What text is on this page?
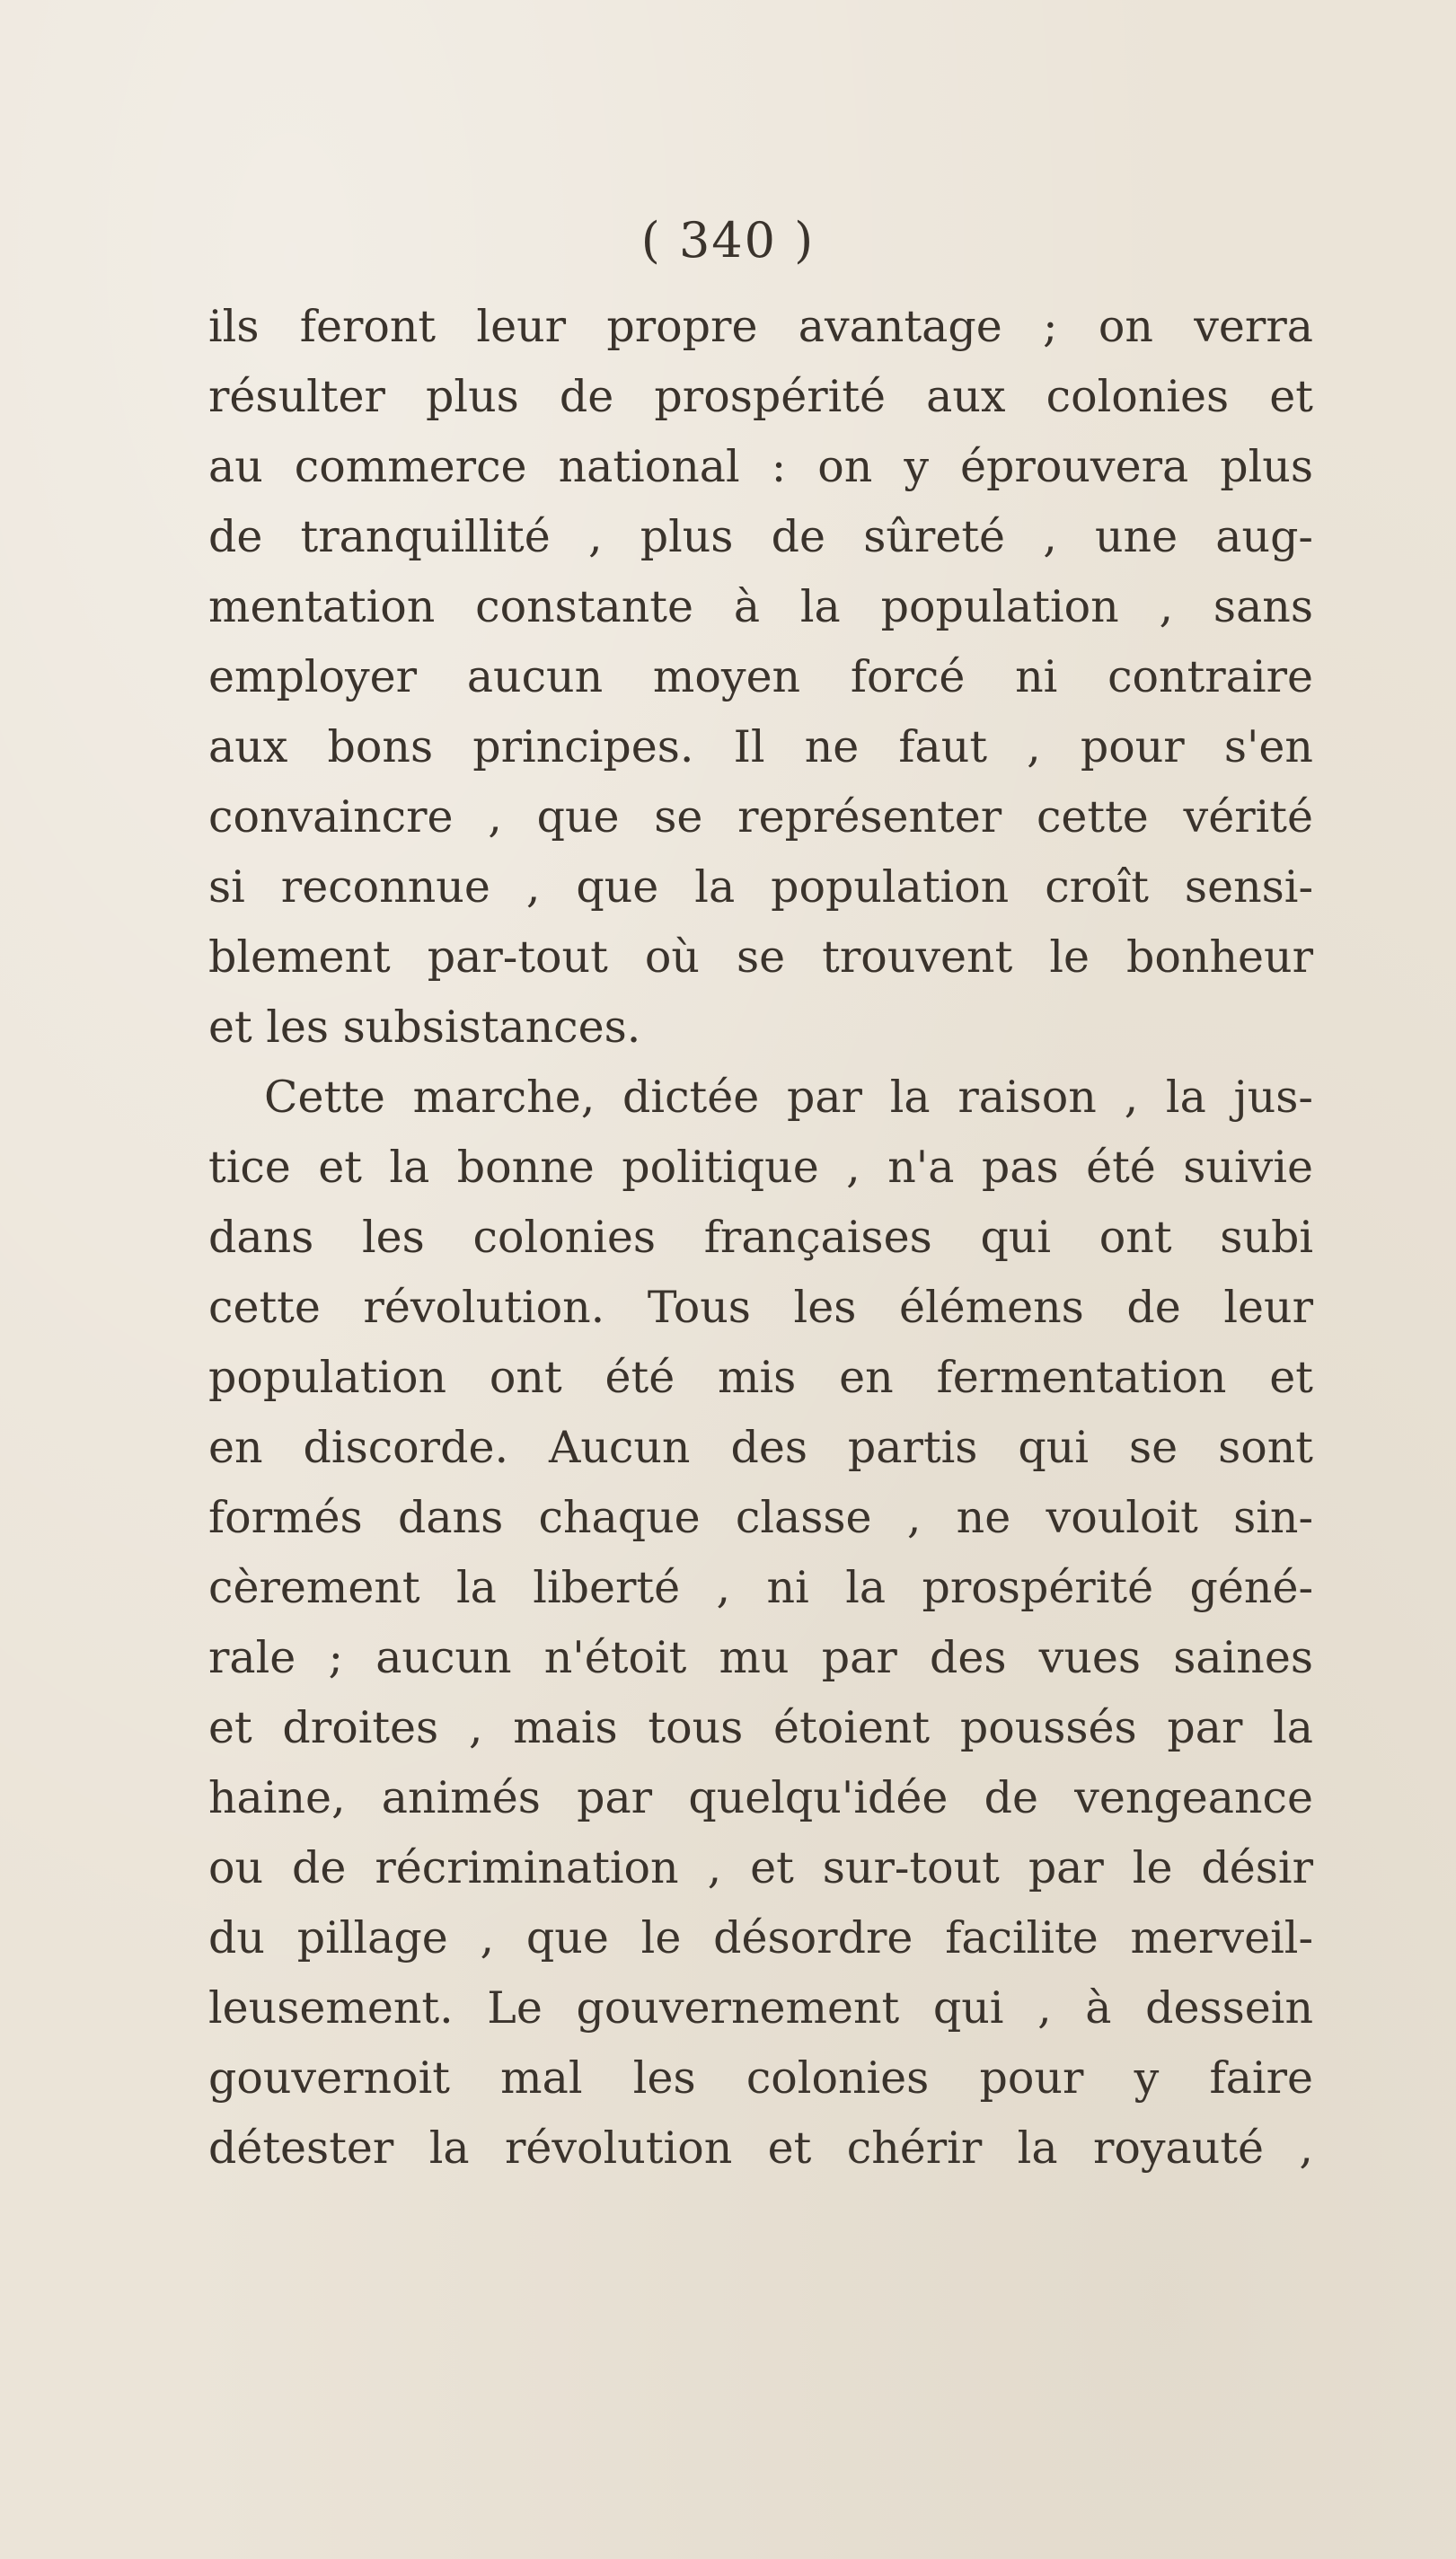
( 340 )
ils feront leur propre avantage ; on verra
résulter plus de prospérité aux colonies et
au commerce national : on y éprouvera plus
de tranquillité , plus de sûreté , une aug-
mentation constante à la population , sans
employer aucun moyen forcé ni contraire
aux bons principes. Il ne faut , pour s'en
convaincre , que se représenter cette vérité
si reconnue , que la population croît sensi-
blement par-tout où se trouvent le bonheur
et les subsistances.
Cette marche, dictée par la raison , la jus-
tice et la bonne politique , n'a pas été suivie
dans les colonies françaises qui ont subi
cette révolution. Tous les élémens de leur
population ont été mis en fermentation et
en discorde. Aucun des partis qui se sont
formés dans chaque classe , ne vouloit sin-
cèrement la liberté , ni la prospérité géné-
rale ; aucun n'étoit mu par des vues saines
et droites , mais tous étoient poussés par la
haine, animés par quelqu'idée de vengeance
ou de récrimination , et sur-tout par le désir
du pillage , que le désordre facilite merveil-
leusement. Le gouvernement qui , à dessein
gouvernoit mal les colonies pour y faire
détester la révolution et chérir la royauté ,
